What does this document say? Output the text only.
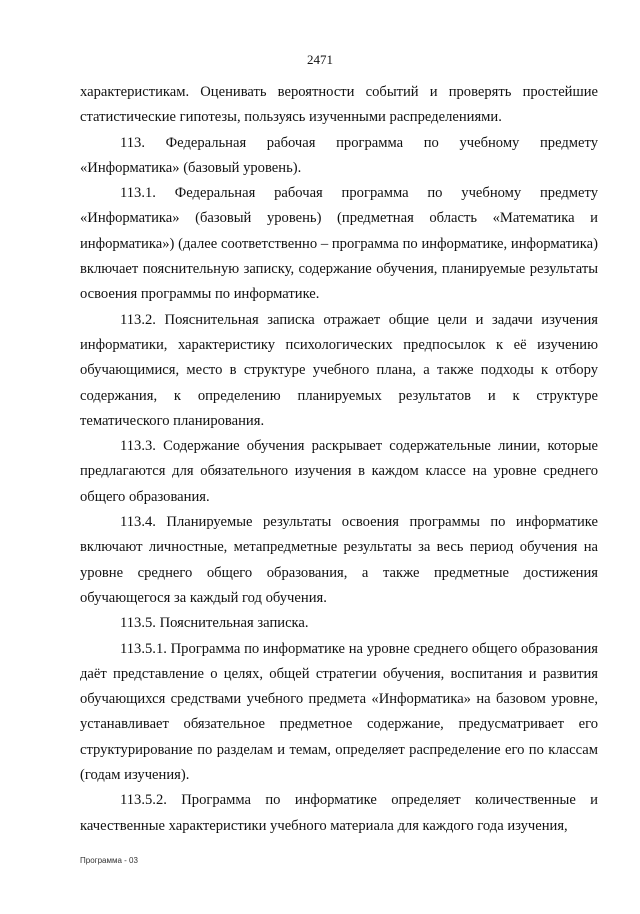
2471

характеристикам. Оценивать вероятности событий и проверять простейшие статистические гипотезы, пользуясь изученными распределениями.

113. Федеральная рабочая программа по учебному предмету «Информатика» (базовый уровень).

113.1. Федеральная рабочая программа по учебному предмету «Информатика» (базовый уровень) (предметная область «Математика и информатика») (далее соответственно – программа по информатике, информатика) включает пояснительную записку, содержание обучения, планируемые результаты освоения программы по информатике.

113.2. Пояснительная записка отражает общие цели и задачи изучения информатики, характеристику психологических предпосылок к её изучению обучающимися, место в структуре учебного плана, а также подходы к отбору содержания, к определению планируемых результатов и к структуре тематического планирования.

113.3. Содержание обучения раскрывает содержательные линии, которые предлагаются для обязательного изучения в каждом классе на уровне среднего общего образования.

113.4. Планируемые результаты освоения программы по информатике включают личностные, метапредметные результаты за весь период обучения на уровне среднего общего образования, а также предметные достижения обучающегося за каждый год обучения.

113.5. Пояснительная записка.

113.5.1. Программа по информатике на уровне среднего общего образования даёт представление о целях, общей стратегии обучения, воспитания и развития обучающихся средствами учебного предмета «Информатика» на базовом уровне, устанавливает обязательное предметное содержание, предусматривает его структурирование по разделам и темам, определяет распределение его по классам (годам изучения).

113.5.2. Программа по информатике определяет количественные и качественные характеристики учебного материала для каждого года изучения,

Программа - 03
